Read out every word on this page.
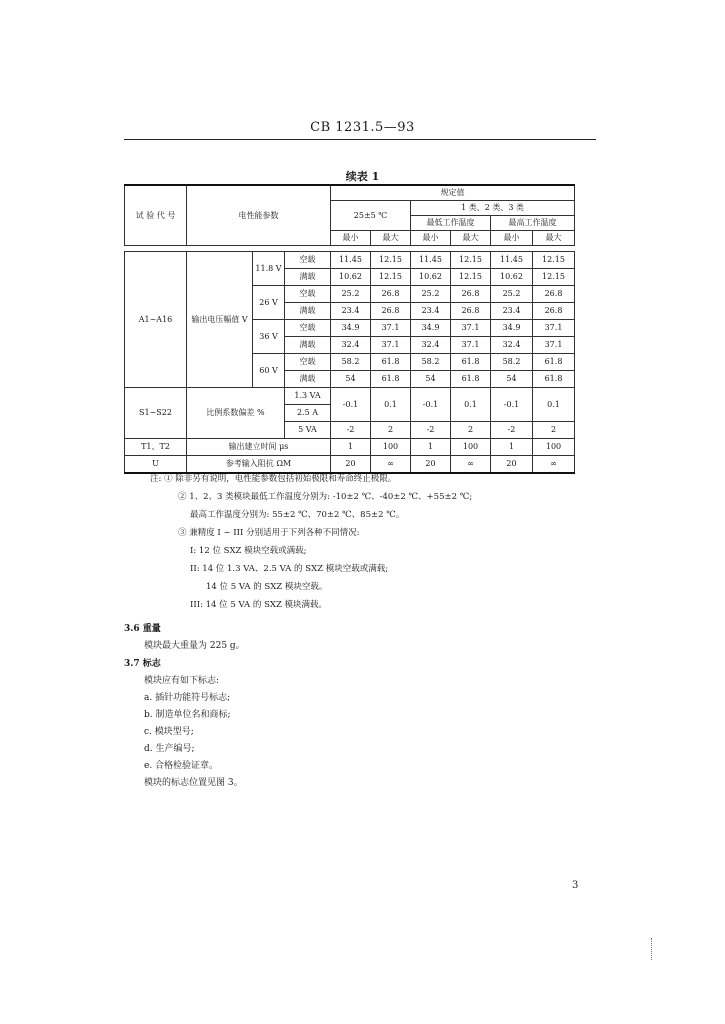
CB 1231.5—93
续表 1
试 验 代 号	电性能参数	规定值					
		25±5 ℃		1 类、2 类、3 类			
				最低工作温度		最高工作温度	
		最小	最大	最小	最大	最小	最大
A1~A16	输出电压幅值 V	11.8 V	空载	11.45	12.15	11.45	12.15	11.45	12.15
			满载	10.62	12.15	10.62	12.15	10.62	12.15
		26 V	空载	25.2	26.8	25.2	26.8	25.2	26.8
			满载	23.4	26.8	23.4	26.8	23.4	26.8
		36 V	空载	34.9	37.1	34.9	37.1	34.9	37.1
			满载	32.4	37.1	32.4	37.1	32.4	37.1
		60 V	空载	58.2	61.8	58.2	61.8	58.2	61.8
			满载	54	61.8	54	61.8	54	61.8
S1~S22	比例系数偏差 %		1.3 VA	-0.1	0.1	-0.1	0.1	-0.1	0.1
			2.5 A						
			5 VA	-2	2	-2	2	-2	2
T1、T2	输出建立时间 μs			1	100	1	100	1	100
U	参考输入阻抗 ΩM			20	∞	20	∞	20	∞
注: ① 除非另有说明，电性能参数包括初始极限和寿命终止极限。
② 1、2、3 类模块最低工作温度分别为: -10±2 ℃、-40±2 ℃、+55±2 ℃;
最高工作温度分别为: 55±2 ℃、70±2 ℃、85±2 ℃。
③ 兼精度 I ~ III 分别适用于下列各种不同情况:
I: 12 位 SXZ 模块空载或满载;
II: 14 位 1.3 VA、2.5 VA 的 SXZ 模块空载或满载;
14 位 5 VA 的 SXZ 模块空载。
III: 14 位 5 VA 的 SXZ 模块满载。
3.6 重量
模块最大重量为 225 g。
3.7 标志
模块应有如下标志:
a. 插针功能符号标志;
b. 制造单位名和商标;
c. 模块型号;
d. 生产编号;
e. 合格检验证章。
模块的标志位置见图 3。
3
